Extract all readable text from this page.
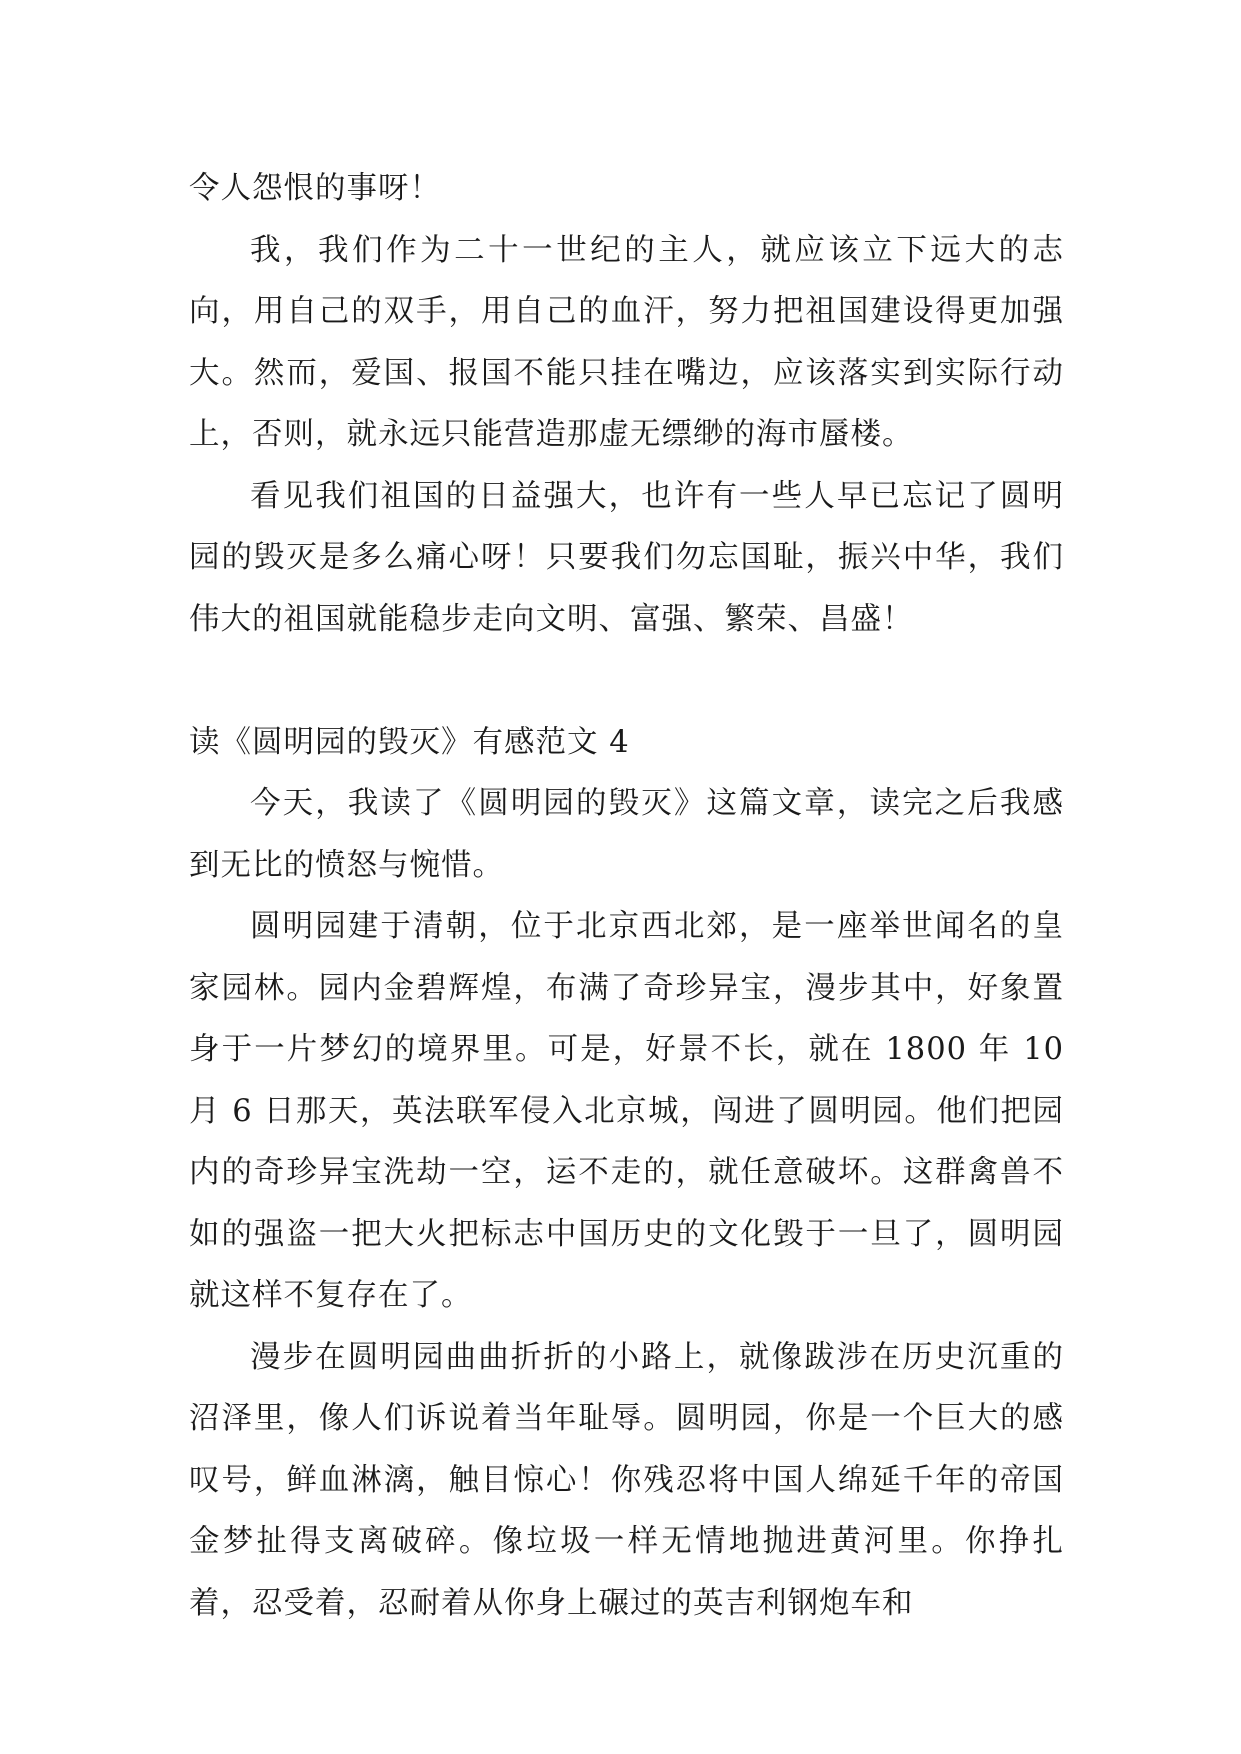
令人怨恨的事呀！

我，我们作为二十一世纪的主人，就应该立下远大的志向，用自己的双手，用自己的血汗，努力把祖国建设得更加强大。然而，爱国、报国不能只挂在嘴边，应该落实到实际行动上，否则，就永远只能营造那虚无缥缈的海市蜃楼。

看见我们祖国的日益强大，也许有一些人早已忘记了圆明园的毁灭是多么痛心呀！只要我们勿忘国耻，振兴中华，我们伟大的祖国就能稳步走向文明、富强、繁荣、昌盛！

读《圆明园的毁灭》有感范文 4

今天，我读了《圆明园的毁灭》这篇文章，读完之后我感到无比的愤怒与惋惜。

圆明园建于清朝，位于北京西北郊，是一座举世闻名的皇家园林。园内金碧辉煌，布满了奇珍异宝，漫步其中，好象置身于一片梦幻的境界里。可是，好景不长，就在 1800 年 10 月 6 日那天，英法联军侵入北京城，闯进了圆明园。他们把园内的奇珍异宝洗劫一空，运不走的，就任意破坏。这群禽兽不如的强盗一把大火把标志中国历史的文化毁于一旦了，圆明园就这样不复存在了。

漫步在圆明园曲曲折折的小路上，就像跋涉在历史沉重的沼泽里，像人们诉说着当年耻辱。圆明园，你是一个巨大的感叹号，鲜血淋漓，触目惊心！你残忍将中国人绵延千年的帝国金梦扯得支离破碎。像垃圾一样无情地抛进黄河里。你挣扎着，忍受着，忍耐着从你身上碾过的英吉利钢炮车和
